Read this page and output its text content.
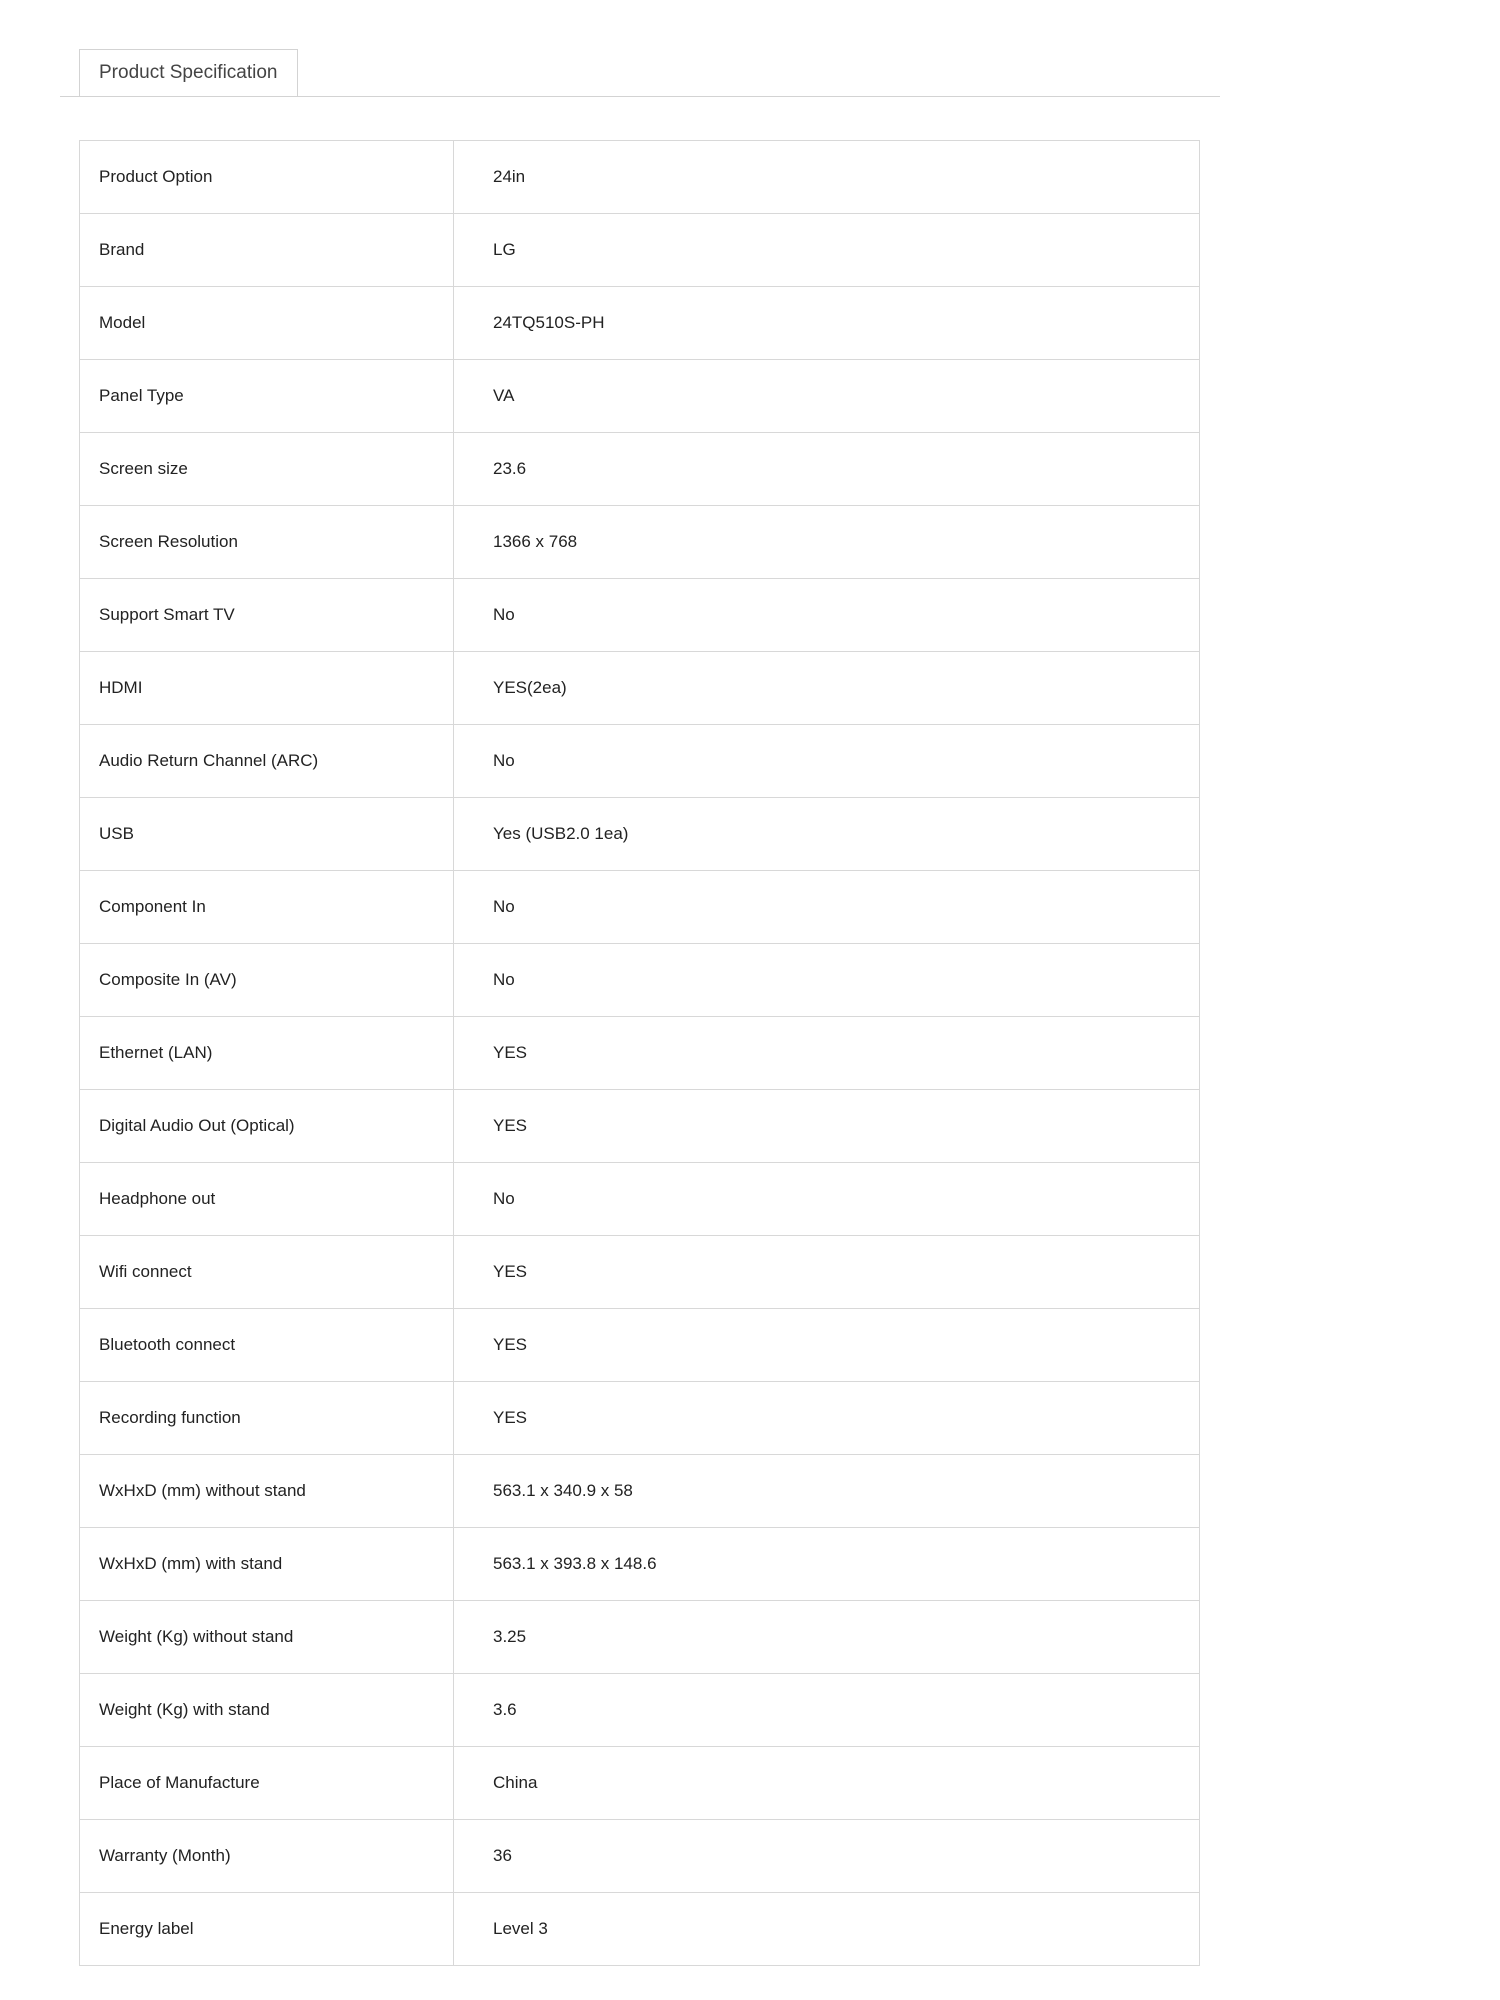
Product Specification
Product Option	24in
Brand	LG
Model	24TQ510S-PH
Panel Type	VA
Screen size	23.6
Screen Resolution	1366 x 768
Support Smart TV	No
HDMI	YES(2ea)
Audio Return Channel (ARC)	No
USB	Yes (USB2.0 1ea)
Component In	No
Composite In (AV)	No
Ethernet (LAN)	YES
Digital Audio Out (Optical)	YES
Headphone out	No
Wifi connect	YES
Bluetooth connect	YES
Recording function	YES
WxHxD (mm) without stand	563.1 x 340.9 x 58
WxHxD (mm) with stand	563.1 x 393.8 x 148.6
Weight (Kg) without stand	3.25
Weight (Kg) with stand	3.6
Place of Manufacture	China
Warranty (Month)	36
Energy label	Level 3
